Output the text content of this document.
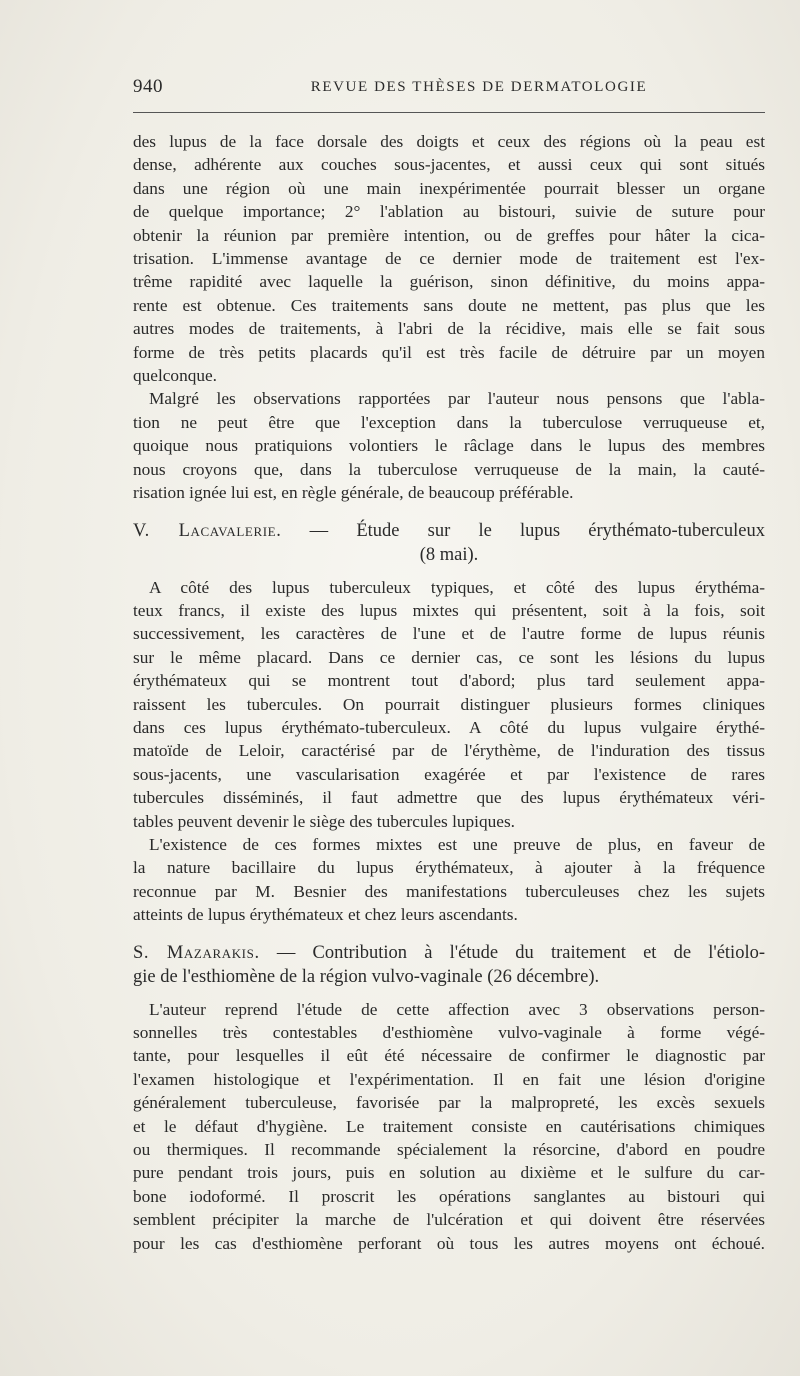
940	REVUE DES THÈSES DE DERMATOLOGIE

des lupus de la face dorsale des doigts et ceux des régions où la peau est
dense, adhérente aux couches sous-jacentes, et aussi ceux qui sont situés
dans une région où une main inexpérimentée pourrait blesser un organe
de quelque importance; 2° l'ablation au bistouri, suivie de suture pour
obtenir la réunion par première intention, ou de greffes pour hâter la cica-
trisation. L'immense avantage de ce dernier mode de traitement est l'ex-
trême rapidité avec laquelle la guérison, sinon définitive, du moins appa-
rente est obtenue. Ces traitements sans doute ne mettent, pas plus que les
autres modes de traitements, à l'abri de la récidive, mais elle se fait sous
forme de très petits placards qu'il est très facile de détruire par un moyen
quelconque.

Malgré les observations rapportées par l'auteur nous pensons que l'abla-
tion ne peut être que l'exception dans la tuberculose verruqueuse et,
quoique nous pratiquions volontiers le râclage dans le lupus des membres
nous croyons que, dans la tuberculose verruqueuse de la main, la cauté-
risation ignée lui est, en règle générale, de beaucoup préférable.

V. Lacavalerie. — Étude sur le lupus érythémato-tuberculeux
(8 mai).

A côté des lupus tuberculeux typiques, et côté des lupus érythéma-
teux francs, il existe des lupus mixtes qui présentent, soit à la fois, soit
successivement, les caractères de l'une et de l'autre forme de lupus réunis
sur le même placard. Dans ce dernier cas, ce sont les lésions du lupus
érythémateux qui se montrent tout d'abord; plus tard seulement appa-
raissent les tubercules. On pourrait distinguer plusieurs formes cliniques
dans ces lupus érythémato-tuberculeux. A côté du lupus vulgaire érythé-
matoïde de Leloir, caractérisé par de l'érythème, de l'induration des tissus
sous-jacents, une vascularisation exagérée et par l'existence de rares
tubercules disséminés, il faut admettre que des lupus érythémateux véri-
tables peuvent devenir le siège des tubercules lupiques.

L'existence de ces formes mixtes est une preuve de plus, en faveur de
la nature bacillaire du lupus érythémateux, à ajouter à la fréquence
reconnue par M. Besnier des manifestations tuberculeuses chez les sujets
atteints de lupus érythémateux et chez leurs ascendants.

S. Mazarakis. — Contribution à l'étude du traitement et de l'étiolo-
gie de l'esthiomène de la région vulvo-vaginale (26 décembre).

L'auteur reprend l'étude de cette affection avec 3 observations person-
sonnelles très contestables d'esthiomène vulvo-vaginale à forme végé-
tante, pour lesquelles il eût été nécessaire de confirmer le diagnostic par
l'examen histologique et l'expérimentation. Il en fait une lésion d'origine
généralement tuberculeuse, favorisée par la malpropreté, les excès sexuels
et le défaut d'hygiène. Le traitement consiste en cautérisations chimiques
ou thermiques. Il recommande spécialement la résorcine, d'abord en poudre
pure pendant trois jours, puis en solution au dixième et le sulfure du car-
bone iodoformé. Il proscrit les opérations sanglantes au bistouri qui
semblent précipiter la marche de l'ulcération et qui doivent être réservées
pour les cas d'esthiomène perforant où tous les autres moyens ont échoué.
